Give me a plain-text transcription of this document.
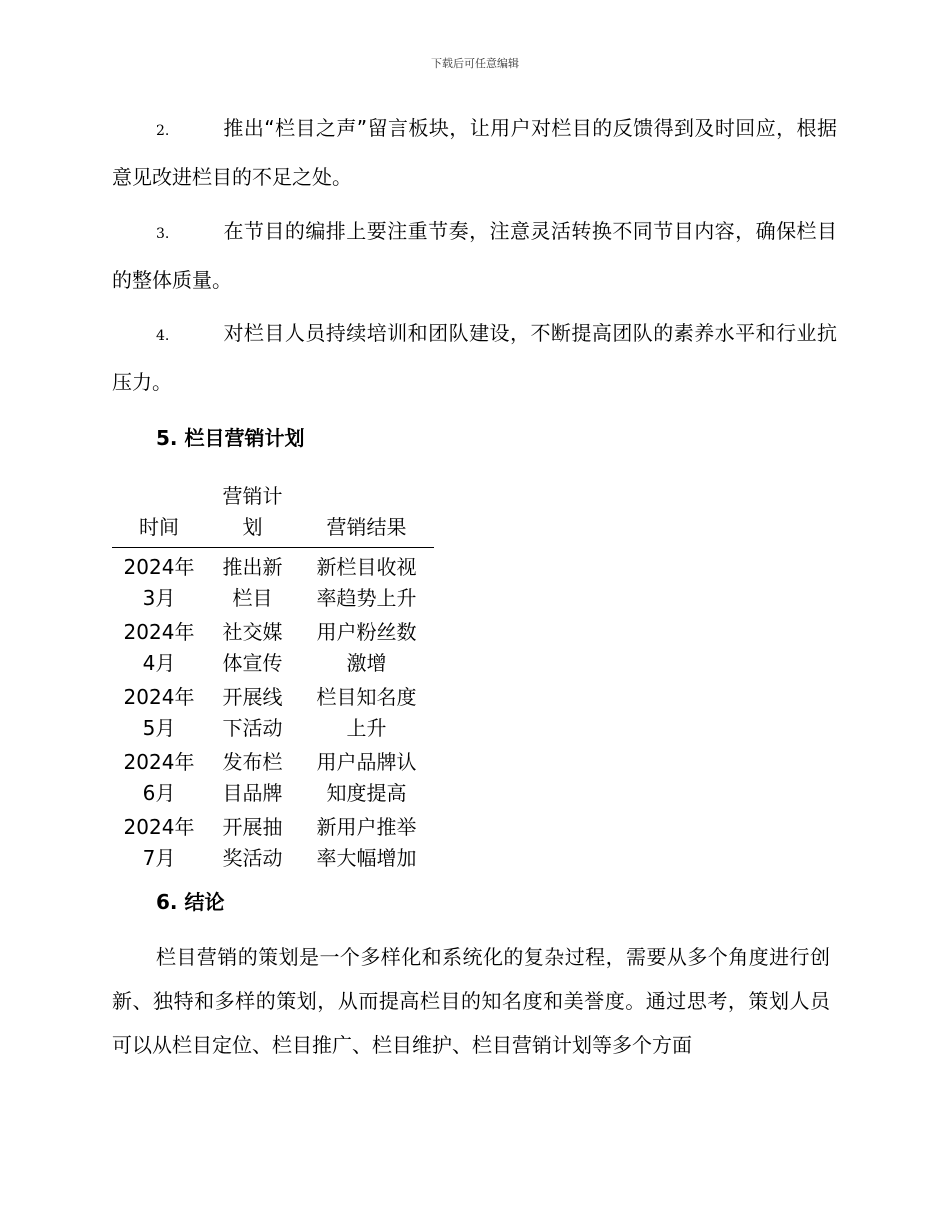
下载后可任意编辑

2.	推出“栏目之声”留言板块，让用户对栏目的反馈得到及时回应，根据意见改进栏目的不足之处。

3.	在节目的编排上要注重节奏，注意灵活转换不同节目内容，确保栏目的整体质量。

4.	对栏目人员持续培训和团队建设，不断提高团队的素养水平和行业抗压力。

5. 栏目营销计划
时间	营销计划	营销结果

2024年3月	推出新栏目	新栏目收视率趋势上升

2024年4月	社交媒体宣传	用户粉丝数激增

2024年5月	开展线下活动	栏目知名度上升

2024年6月	发布栏目品牌	用户品牌认知度提高

2024年7月	开展抽奖活动	新用户推举率大幅增加
6. 结论

栏目营销的策划是一个多样化和系统化的复杂过程，需要从多个角度进行创新、独特和多样的策划，从而提高栏目的知名度和美誉度。通过思考，策划人员可以从栏目定位、栏目推广、栏目维护、栏目营销计划等多个方面
